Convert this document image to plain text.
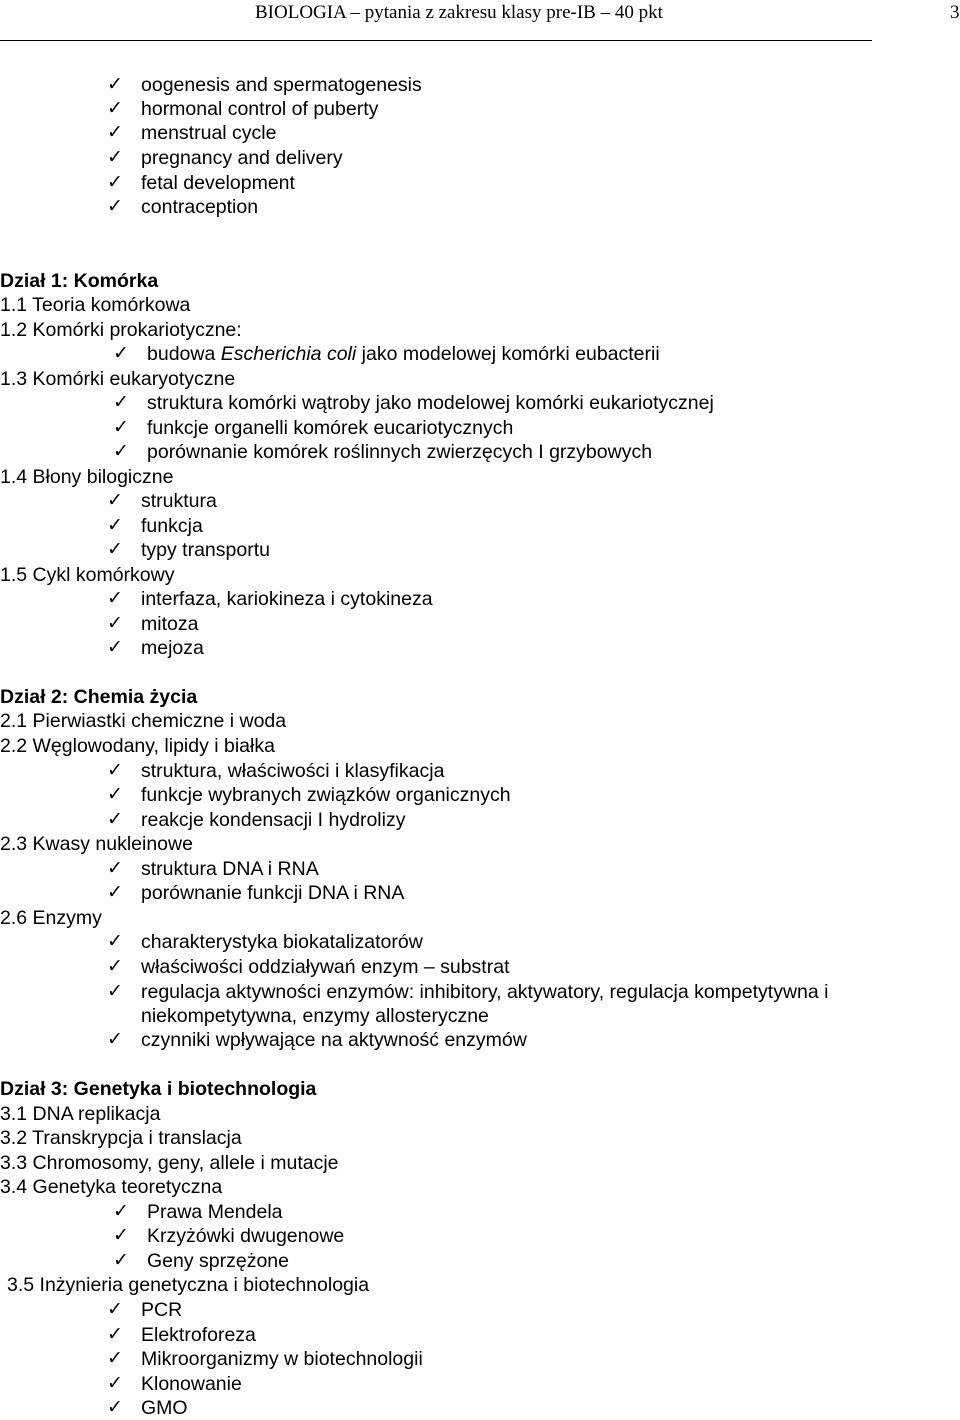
BIOLOGIA – pytania z zakresu klasy pre-IB – 40 pkt	3
✓ oogenesis and spermatogenesis
✓ hormonal control of puberty
✓ menstrual cycle
✓ pregnancy and delivery
✓ fetal development
✓ contraception
Dział 1: Komórka
1.1 Teoria komórkowa
1.2 Komórki prokariotyczne:
✓ budowa Escherichia coli jako modelowej komórki eubacterii
1.3 Komórki eukaryotyczne
✓ struktura komórki wątroby jako modelowej komórki eukariotycznej
✓ funkcje organelli komórek eucariotycznych
✓ porównanie komórek roślinnych zwierzęcych I grzybowych
1.4 Błony bilogiczne
✓ struktura
✓ funkcja
✓ typy transportu
1.5 Cykl komórkowy
✓ interfaza, kariokineza i cytokineza
✓ mitoza
✓ mejoza
Dział 2: Chemia życia
2.1 Pierwiastki chemiczne i woda
2.2 Węglowodany, lipidy i białka
✓ struktura, właściwości i klasyfikacja
✓ funkcje wybranych związków organicznych
✓ reakcje kondensacji I hydrolizy
2.3 Kwasy nukleinowe
✓ struktura DNA i RNA
✓ porównanie funkcji DNA i RNA
2.6 Enzymy
✓ charakterystyka biokatalizatorów
✓ właściwości oddziaływań enzym – substrat
✓ regulacja aktywności enzymów: inhibitory, aktywatory, regulacja kompetytywna i
niekompetytywna, enzymy allosteryczne
✓ czynniki wpływające na aktywność enzymów
Dział 3: Genetyka i biotechnologia
3.1 DNA replikacja
3.2 Transkrypcja i translacja
3.3 Chromosomy, geny, allele i mutacje
3.4 Genetyka teoretyczna
✓ Prawa Mendela
✓ Krzyżówki dwugenowe
✓ Geny sprzężone
3.5 Inżynieria genetyczna i biotechnologia
✓ PCR
✓ Elektroforeza
✓ Mikroorganizmy w biotechnologii
✓ Klonowanie
✓ GMO
